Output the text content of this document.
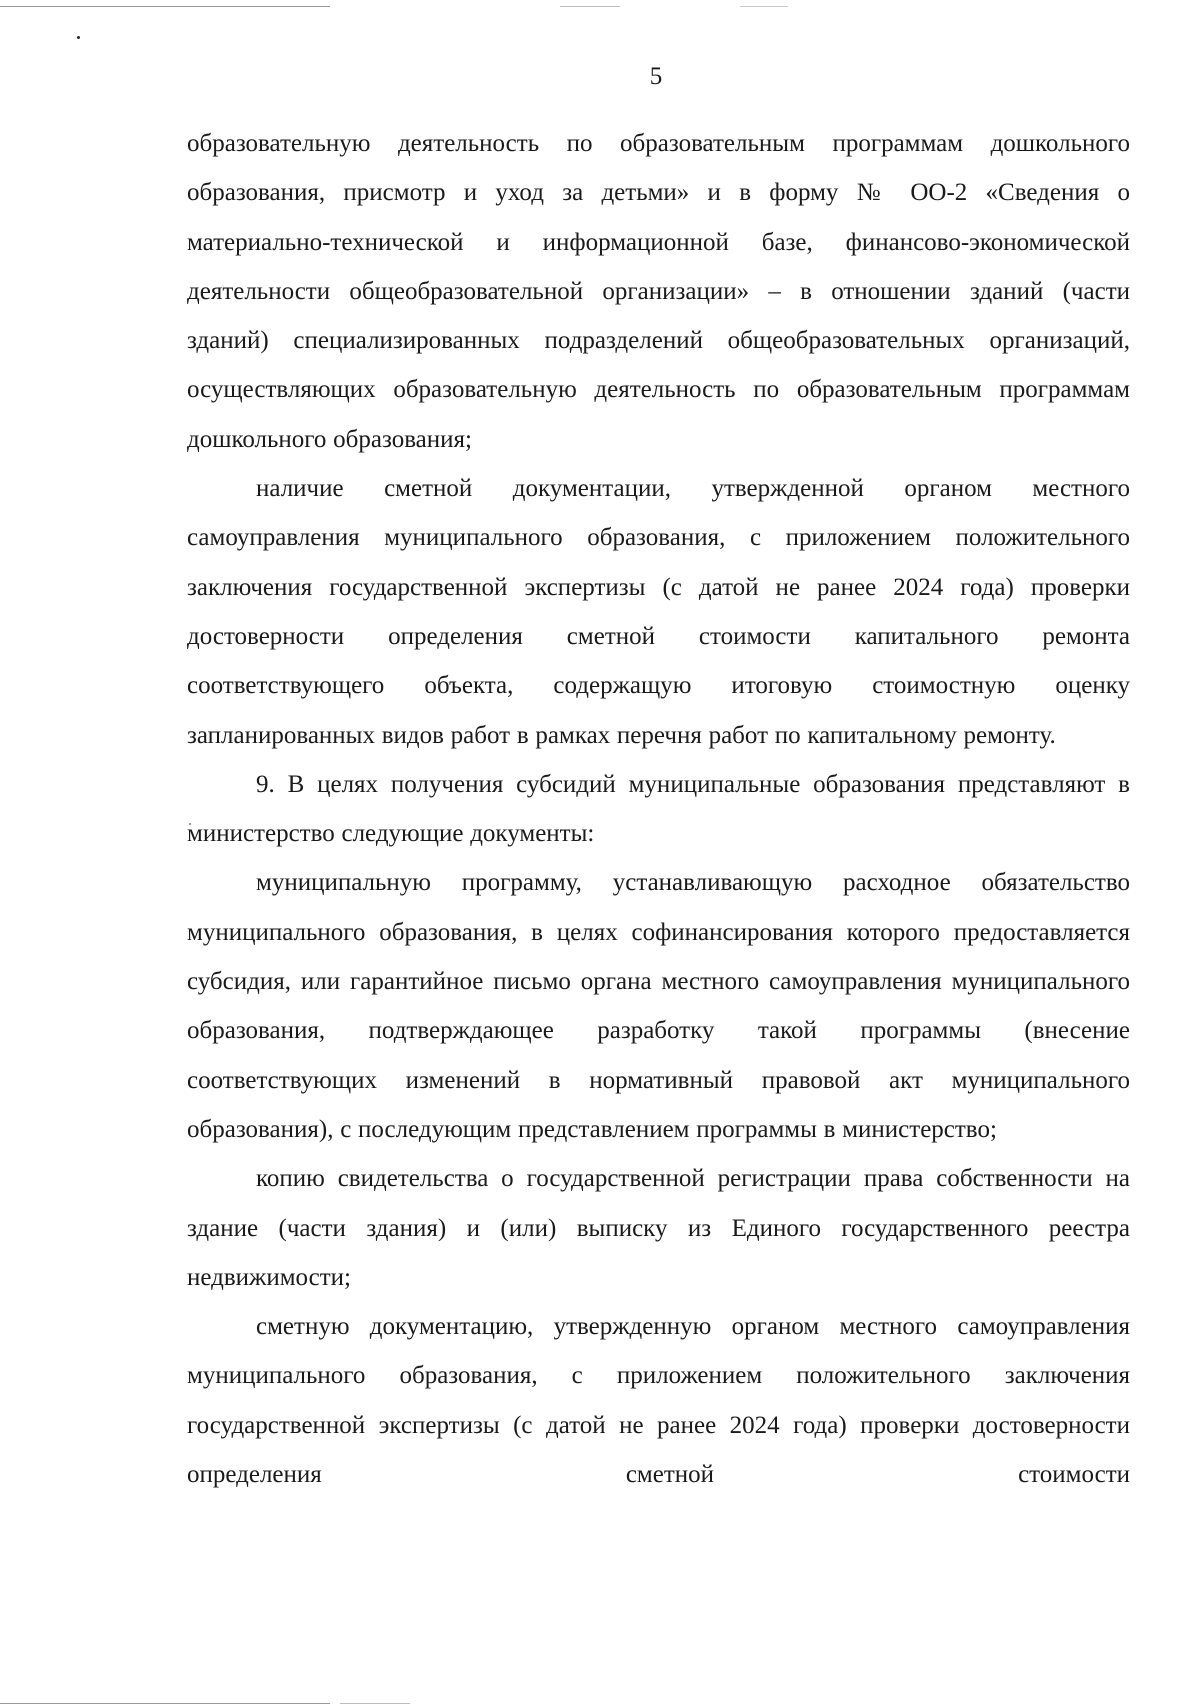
5

образовательную деятельность по образовательным программам дошкольного образования, присмотр и уход за детьми» и в форму № ОО-2 «Сведения о материально-технической и информационной базе, финансово-экономической деятельности общеобразовательной организации» – в отношении зданий (части зданий) специализированных подразделений общеобразовательных организаций, осуществляющих образовательную деятельность по образовательным программам дошкольного образования;

наличие сметной документации, утвержденной органом местного самоуправления муниципального образования, с приложением положительного заключения государственной экспертизы (с датой не ранее 2024 года) проверки достоверности определения сметной стоимости капитального ремонта соответствующего объекта, содержащую итоговую стоимостную оценку запланированных видов работ в рамках перечня работ по капитальному ремонту.

9. В целях получения субсидий муниципальные образования представляют в министерство следующие документы:

муниципальную программу, устанавливающую расходное обязательство муниципального образования, в целях софинансирования которого предоставляется субсидия, или гарантийное письмо органа местного самоуправления муниципального образования, подтверждающее разработку такой программы (внесение соответствующих изменений в нормативный правовой акт муниципального образования), с последующим представлением программы в министерство;

копию свидетельства о государственной регистрации права собственности на здание (части здания) и (или) выписку из Единого государственного реестра недвижимости;

сметную документацию, утвержденную органом местного самоуправления муниципального образования, с приложением положительного заключения государственной экспертизы (с датой не ранее 2024 года) проверки достоверности определения сметной стоимости
